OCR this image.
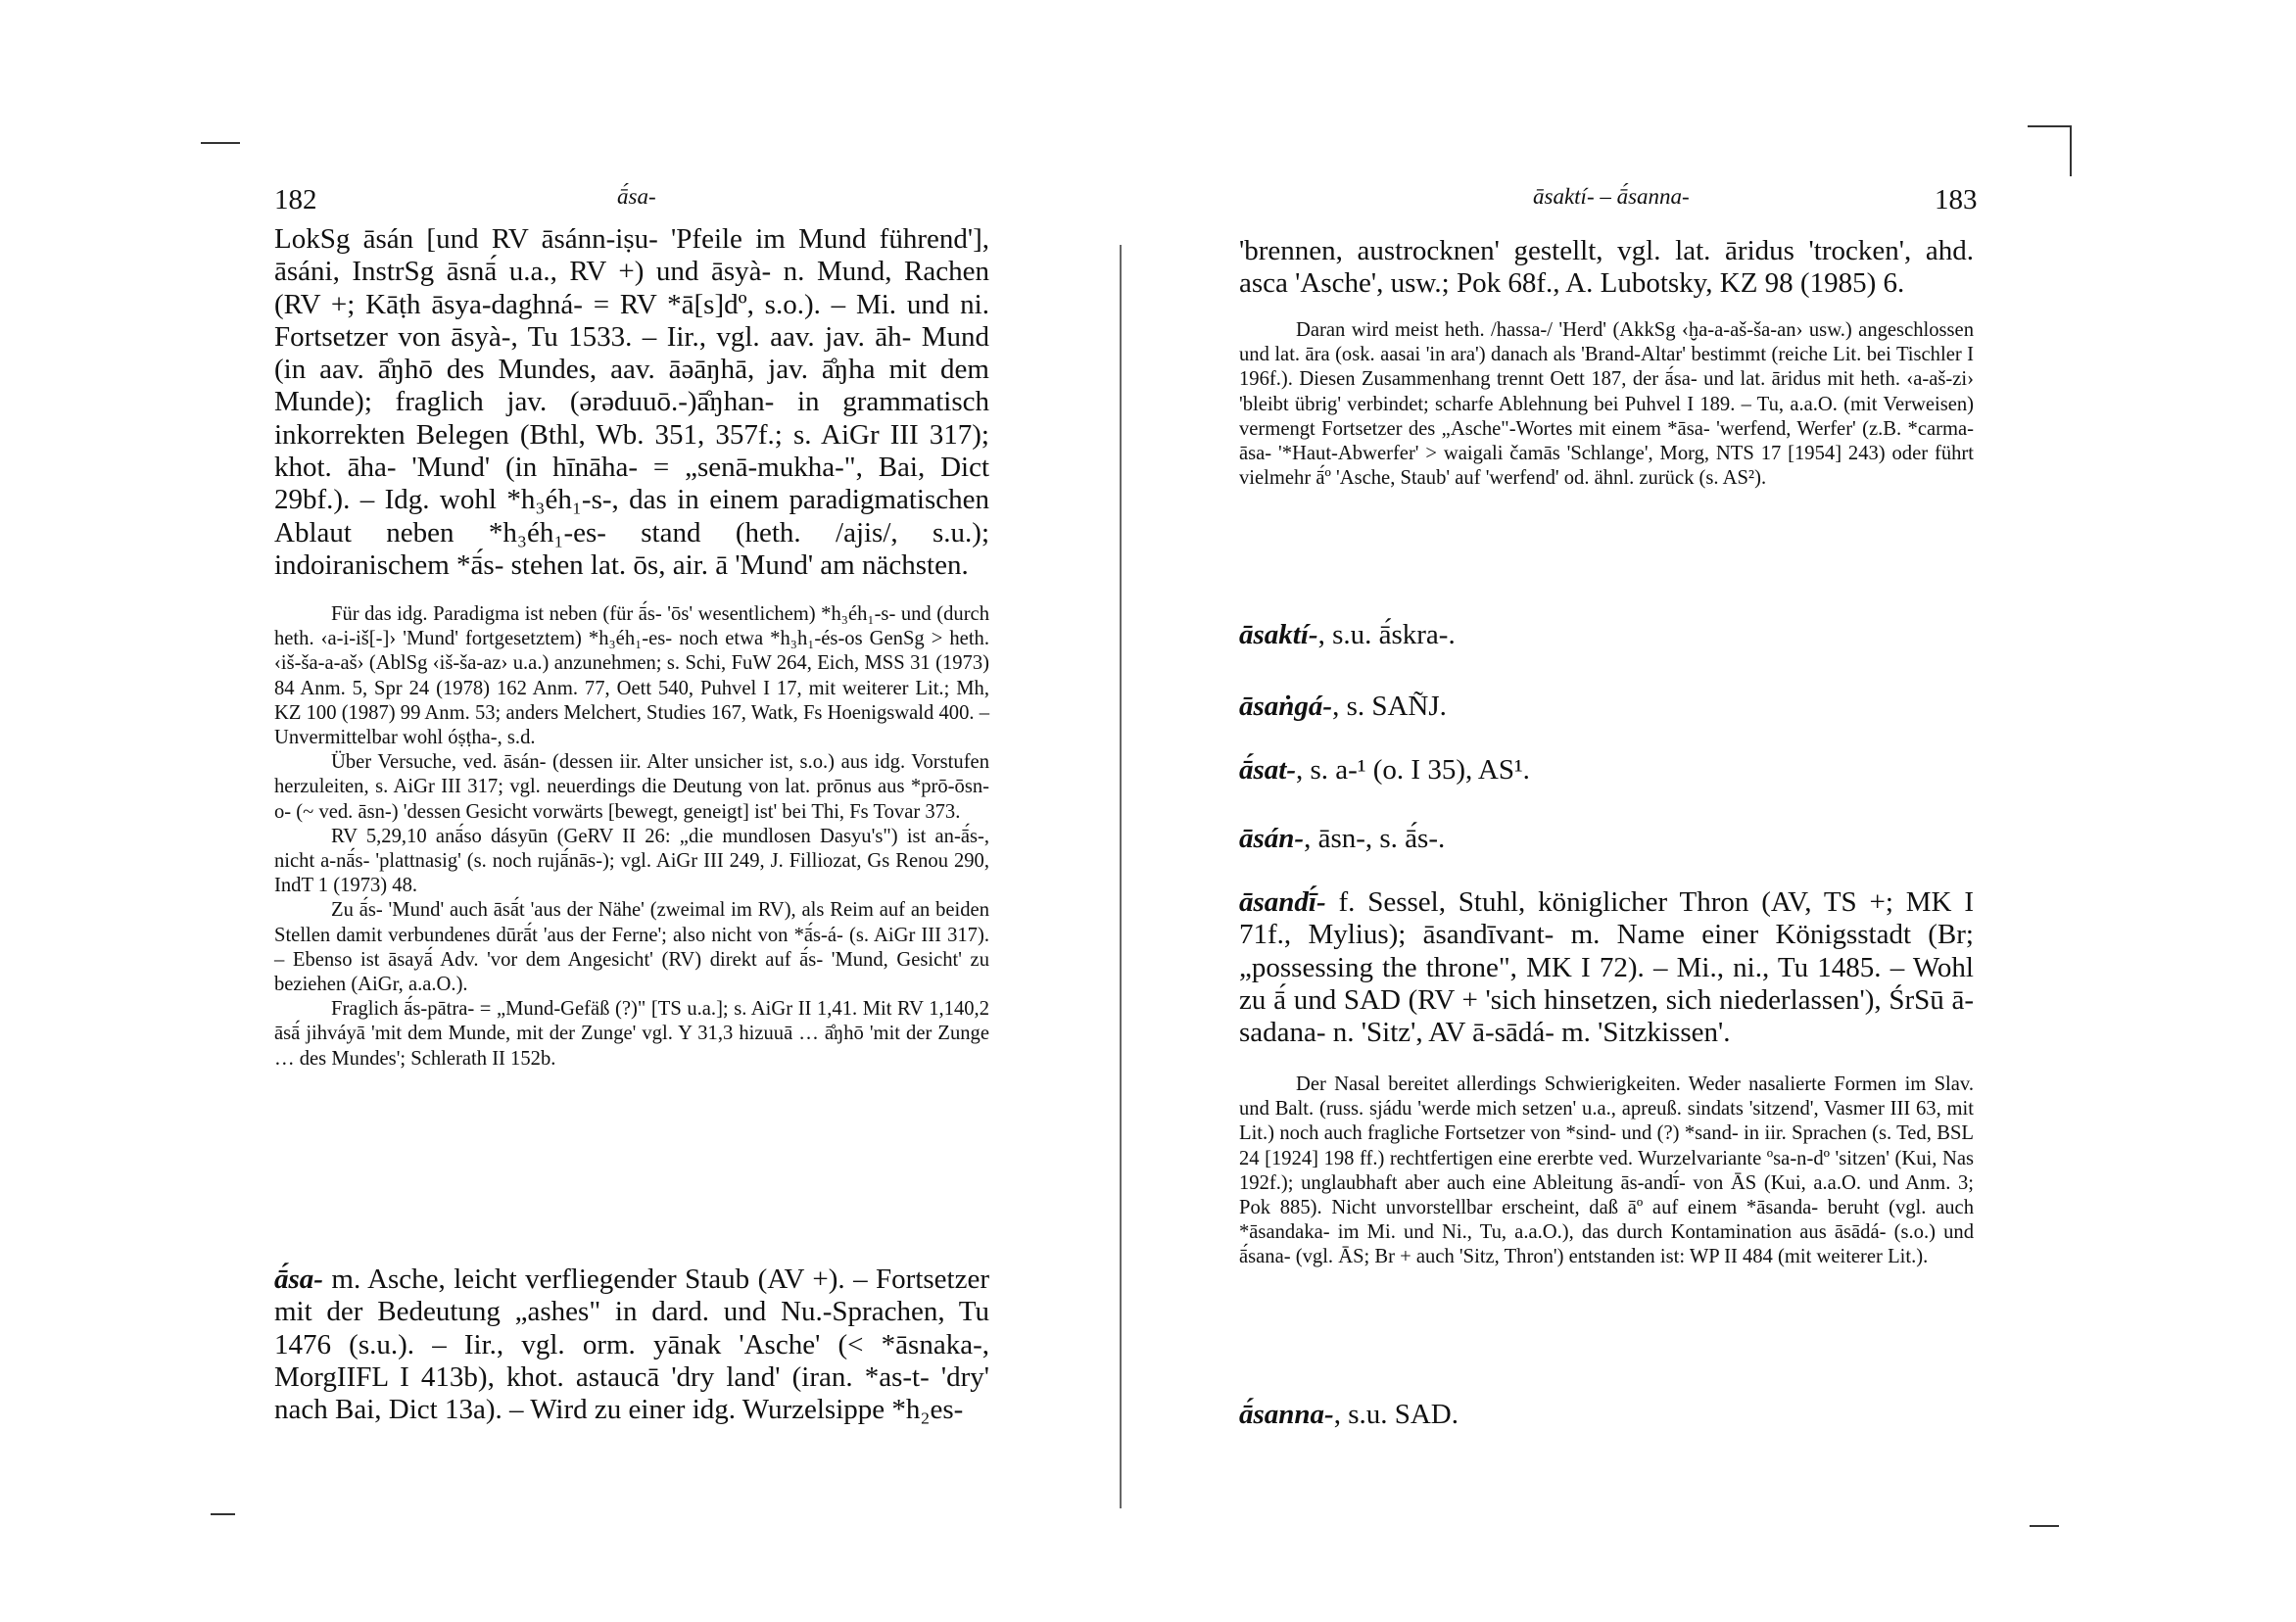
182	ā́sa-

LokSg āsán [und RV āsánn-iṣu- 'Pfeile im Mund führend'], āsáni, InstrSg āsnā́ u.a., RV +) und āsyà- n. Mund, Rachen (RV +; Kāṭh āsya-daghná- = RV *ā[s]dº, s.o.). – Mi. und ni. Fortsetzer von āsyà-, Tu 1533. – Iir., vgl. aav. jav. āh- Mund (in aav. ā̊ŋhō des Mundes, aav. āəāŋhā, jav. ā̊ŋha mit dem Munde); fraglich jav. (ərəduuō.-)ā̊ŋhan- in grammatisch inkorrekten Belegen (Bthl, Wb. 351, 357f.; s. AiGr III 317); khot. āha- 'Mund' (in hīnāha- = „senā-mukha-", Bai, Dict 29bf.). – Idg. wohl *h₃éh₁-s-, das in einem paradigmatischen Ablaut neben *h₃éh₁-es- stand (heth. /ajis/, s.u.); indoiranischem *ā́s- stehen lat. ōs, air. ā 'Mund' am nächsten.

Für das idg. Paradigma ist neben (für ā́s- 'ōs' wesentlichem) *h₃éh₁-s- und (durch heth. ‹a-i-iš[-]› 'Mund' fortgesetztem) *h₃éh₁-es- noch etwa *h₃h₁-és-os GenSg > heth. ‹iš-ša-a-aš› (AblSg ‹iš-ša-az› u.a.) anzunehmen; s. Schi, FuW 264, Eich, MSS 31 (1973) 84 Anm. 5, Spr 24 (1978) 162 Anm. 77, Oett 540, Puhvel I 17, mit weiterer Lit.; Mh, KZ 100 (1987) 99 Anm. 53; anders Melchert, Studies 167, Watk, Fs Hoenigswald 400. – Unvermittelbar wohl óṣṭha-, s.d.

Über Versuche, ved. āsán- (dessen iir. Alter unsicher ist, s.o.) aus idg. Vorstufen herzuleiten, s. AiGr III 317; vgl. neuerdings die Deutung von lat. prōnus aus *prō-ōsn-o- (~ ved. āsn-) 'dessen Gesicht vorwärts [bewegt, geneigt] ist' bei Thi, Fs Tovar 373.

RV 5,29,10 anā́so dásyūn (GeRV II 26: „die mundlosen Dasyu's") ist an-ā́s-, nicht a-nā́s- 'plattnasig' (s. noch rujā́nās-); vgl. AiGr III 249, J. Filliozat, Gs Renou 290, IndT 1 (1973) 48.

Zu ā́s- 'Mund' auch āsā́t 'aus der Nähe' (zweimal im RV), als Reim auf an beiden Stellen damit verbundenes dūrā́t 'aus der Ferne'; also nicht von *ā́s-á- (s. AiGr III 317). – Ebenso ist āsayā́ Adv. 'vor dem Angesicht' (RV) direkt auf ā́s- 'Mund, Gesicht' zu beziehen (AiGr, a.a.O.).

Fraglich ā́s-pātra- = „Mund-Gefäß (?)" [TS u.a.]; s. AiGr II 1,41. Mit RV 1,140,2 āsā́ jihváyā 'mit dem Munde, mit der Zunge' vgl. Y 31,3 hizuuā … ā̊ŋhō 'mit der Zunge … des Mundes'; Schlerath II 152b.

ā́sa- m. Asche, leicht verfliegender Staub (AV +). – Fortsetzer mit der Bedeutung „ashes" in dard. und Nu.-Sprachen, Tu 1476 (s.u.). – Iir., vgl. orm. yānak 'Asche' (< *āsnaka-, MorgIIFL I 413b), khot. astaucā 'dry land' (iran. *as-t- 'dry' nach Bai, Dict 13a). – Wird zu einer idg. Wurzelsippe *h₂es-

āsaktí- – ā́sanna-	183

'brennen, austrocknen' gestellt, vgl. lat. āridus 'trocken', ahd. asca 'Asche', usw.; Pok 68f., A. Lubotsky, KZ 98 (1985) 6.

Daran wird meist heth. /hassa-/ 'Herd' (AkkSg ‹ḫa-a-aš-ša-an› usw.) angeschlossen und lat. āra (osk. aasai 'in ara') danach als 'Brand-Altar' bestimmt (reiche Lit. bei Tischler I 196f.). Diesen Zusammenhang trennt Oett 187, der ā́sa- und lat. āridus mit heth. ‹a-aš-zi› 'bleibt übrig' verbindet; scharfe Ablehnung bei Puhvel I 189. – Tu, a.a.O. (mit Verweisen) vermengt Fortsetzer des „Asche"-Wortes mit einem *āsa- 'werfend, Werfer' (z.B. *carma-āsa- '*Haut-Abwerfer' > waigali čamās 'Schlange', Morg, NTS 17 [1954] 243) oder führt vielmehr ā́º 'Asche, Staub' auf 'werfend' od. ähnl. zurück (s. AS²).

āsaktí-, s.u. ā́skra-.

āsaṅgá-, s. SAÑJ.

ā́sat-, s. a-¹ (o. I 35), AS¹.

āsán-, āsn-, s. ā́s-.

āsandī́- f. Sessel, Stuhl, königlicher Thron (AV, TS +; MK I 71f., Mylius); āsandīvant- m. Name einer Königsstadt (Br; „possessing the throne", MK I 72). – Mi., ni., Tu 1485. – Wohl zu ā́ und SAD (RV + 'sich hinsetzen, sich niederlassen'), ŚrSū ā-sadana- n. 'Sitz', AV ā-sādá- m. 'Sitzkissen'.

Der Nasal bereitet allerdings Schwierigkeiten. Weder nasalierte Formen im Slav. und Balt. (russ. sjádu 'werde mich setzen' u.a., apreuß. sindats 'sitzend', Vasmer III 63, mit Lit.) noch auch fragliche Fortsetzer von *sind- und (?) *sand- in iir. Sprachen (s. Ted, BSL 24 [1924] 198 ff.) rechtfertigen eine ererbte ved. Wurzelvariante ºsa-n-dº 'sitzen' (Kui, Nas 192f.); unglaubhaft aber auch eine Ableitung ās-andī́- von ĀS (Kui, a.a.O. und Anm. 3; Pok 885). Nicht unvorstellbar erscheint, daß āº auf einem *āsanda- beruht (vgl. auch *āsandaka- im Mi. und Ni., Tu, a.a.O.), das durch Kontamination aus āsādá- (s.o.) und ā́sana- (vgl. ĀS; Br + auch 'Sitz, Thron') entstanden ist: WP II 484 (mit weiterer Lit.).

ā́sanna-, s.u. SAD.
